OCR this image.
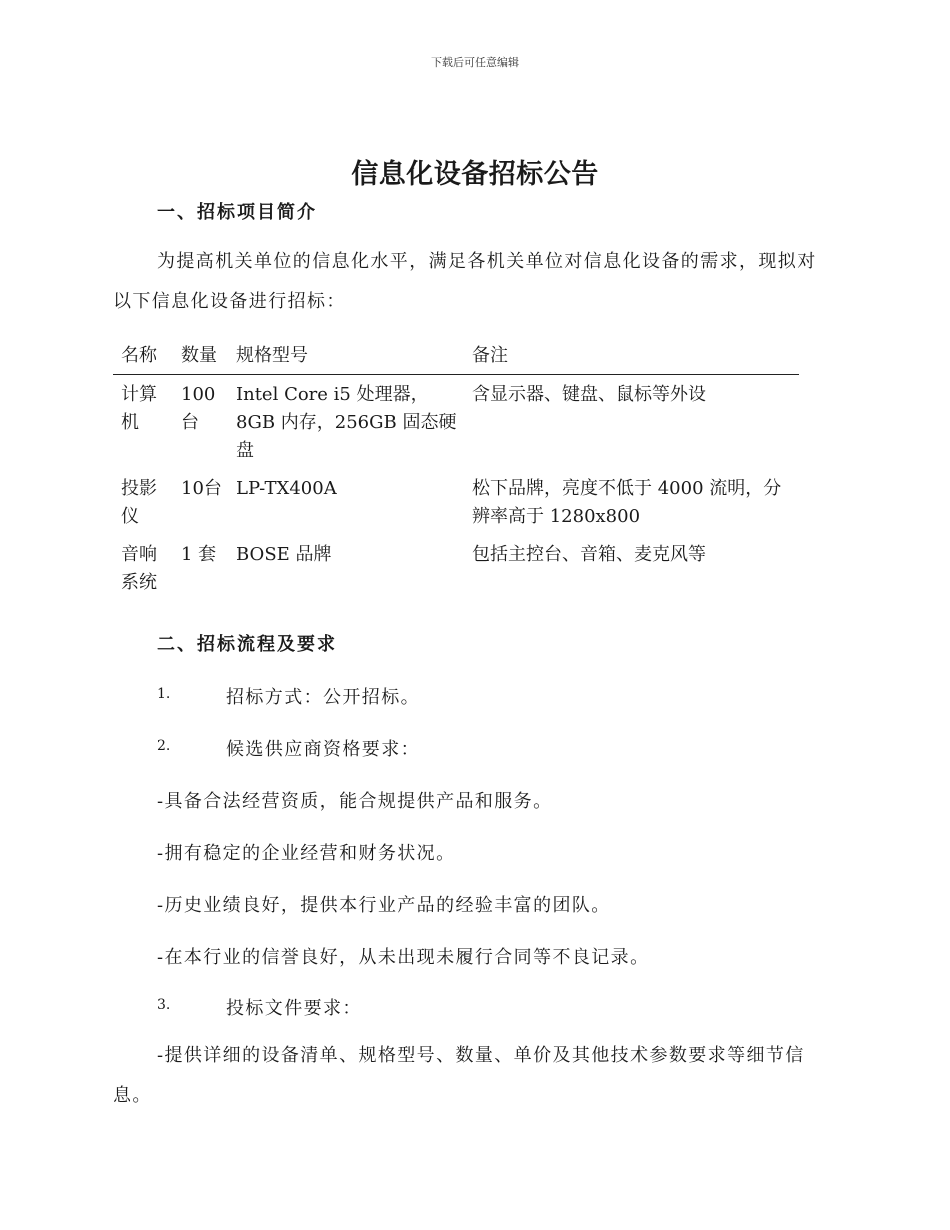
下载后可任意编辑
信息化设备招标公告
一、招标项目简介
为提高机关单位的信息化水平，满足各机关单位对信息化设备的需求，现拟对以下信息化设备进行招标：
名称	数量	规格型号	备注
计算机	100台	Intel Core i5 处理器，8GB 内存，256GB 固态硬盘	含显示器、键盘、鼠标等外设
投影仪	10台	LP-TX400A	松下品牌，亮度不低于 4000 流明，分辨率高于 1280x800
音响系统	1 套	BOSE 品牌	包括主控台、音箱、麦克风等
二、招标流程及要求
1.	招标方式：公开招标。
2.	候选供应商资格要求：
-具备合法经营资质，能合规提供产品和服务。
-拥有稳定的企业经营和财务状况。
-历史业绩良好，提供本行业产品的经验丰富的团队。
-在本行业的信誉良好，从未出现未履行合同等不良记录。
3.	投标文件要求：
-提供详细的设备清单、规格型号、数量、单价及其他技术参数要求等细节信息。
